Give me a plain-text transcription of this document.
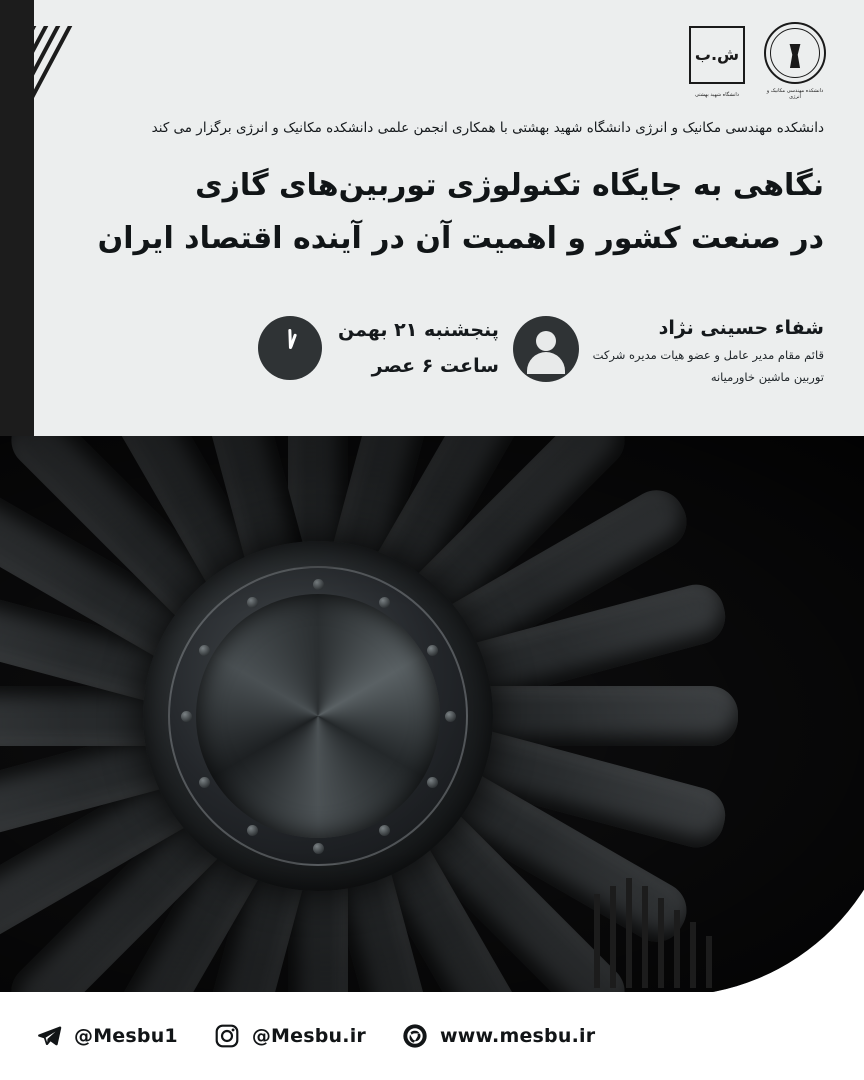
ش.ب
دانشگاه شهید بهشتی
دانشکده مهندسی مکانیک و انرژی
دانشکده مهندسی مکانیک و انرژی دانشگاه شهید بهشتی با همکاری انجمن علمی دانشکده مکانیک و انرژی برگزار می کند
نگاهی به جایگاه تکنولوژی توربین‌های گازی
در صنعت کشور و اهمیت آن در آینده اقتصاد ایران
شفاء حسینی نژاد
قائم مقام مدیر عامل و عضو هیات مدیره شرکت
توربین ماشین خاورمیانه
پنجشنبه ۲۱ بهمن
ساعت ۶ عصر
@Mesbu1	@Mesbu.ir	www.mesbu.ir
